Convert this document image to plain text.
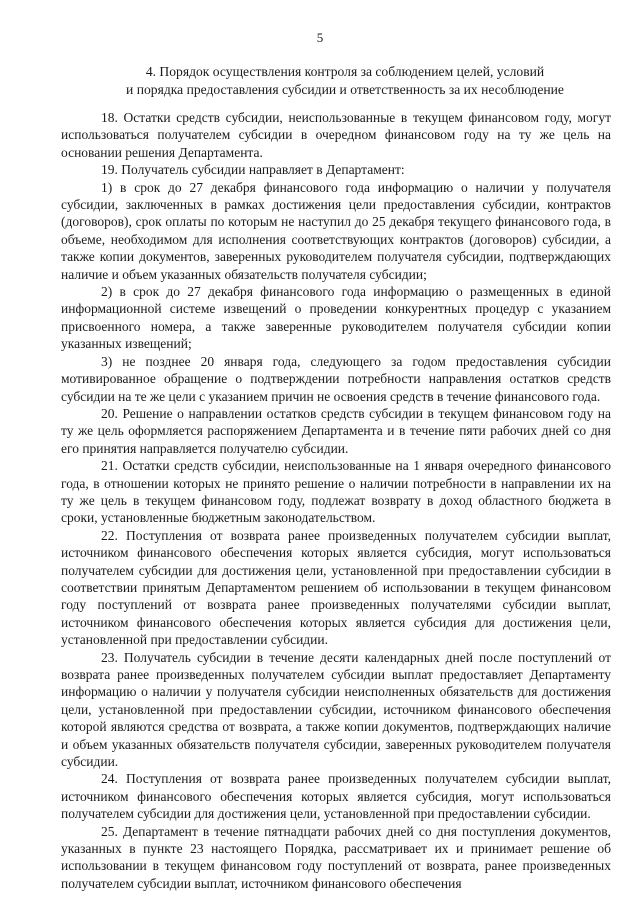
5
4. Порядок осуществления контроля за соблюдением целей, условий
и порядка предоставления субсидии и ответственность за их несоблюдение

18. Остатки средств субсидии, неиспользованные в текущем финансовом году, могут использоваться получателем субсидии в очередном финансовом году на ту же цель на основании решения Департамента.

19. Получатель субсидии направляет в Департамент:

1) в срок до 27 декабря финансового года информацию о наличии у получателя субсидии, заключенных в рамках достижения цели предоставления субсидии, контрактов (договоров), срок оплаты по которым не наступил до 25 декабря текущего финансового года, в объеме, необходимом для исполнения соответствующих контрактов (договоров) субсидии, а также копии документов, заверенных руководителем получателя субсидии, подтверждающих наличие и объем указанных обязательств получателя субсидии;

2) в срок до 27 декабря финансового года информацию о размещенных в единой информационной системе извещений о проведении конкурентных процедур с указанием присвоенного номера, а также заверенные руководителем получателя субсидии копии указанных извещений;

3) не позднее 20 января года, следующего за годом предоставления субсидии мотивированное обращение о подтверждении потребности направления остатков средств субсидии на те же цели с указанием причин не освоения средств в течение финансового года.

20. Решение о направлении остатков средств субсидии в текущем финансовом году на ту же цель оформляется распоряжением Департамента и в течение пяти рабочих дней со дня его принятия направляется получателю субсидии.

21. Остатки средств субсидии, неиспользованные на 1 января очередного финансового года, в отношении которых не принято решение о наличии потребности в направлении их на ту же цель в текущем финансовом году, подлежат возврату в доход областного бюджета в сроки, установленные бюджетным законодательством.

22. Поступления от возврата ранее произведенных получателем субсидии выплат, источником финансового обеспечения которых является субсидия, могут использоваться получателем субсидии для достижения цели, установленной при предоставлении субсидии в соответствии принятым Департаментом решением об использовании в текущем финансовом году поступлений от возврата ранее произведенных получателями субсидии выплат, источником финансового обеспечения которых является субсидия для достижения цели, установленной при предоставлении субсидии.

23. Получатель субсидии в течение десяти календарных дней после поступлений от возврата ранее произведенных получателем субсидии выплат предоставляет Департаменту информацию о наличии у получателя субсидии неисполненных обязательств для достижения цели, установленной при предоставлении субсидии, источником финансового обеспечения которой являются средства от возврата, а также копии документов, подтверждающих наличие и объем указанных обязательств получателя субсидии, заверенных руководителем получателя субсидии.

24. Поступления от возврата ранее произведенных получателем субсидии выплат, источником финансового обеспечения которых является субсидия, могут использоваться получателем субсидии для достижения цели, установленной при предоставлении субсидии.

25. Департамент в течение пятнадцати рабочих дней со дня поступления документов, указанных в пункте 23 настоящего Порядка, рассматривает их и принимает решение об использовании в текущем финансовом году поступлений от возврата, ранее произведенных получателем субсидии выплат, источником финансового обеспечения
